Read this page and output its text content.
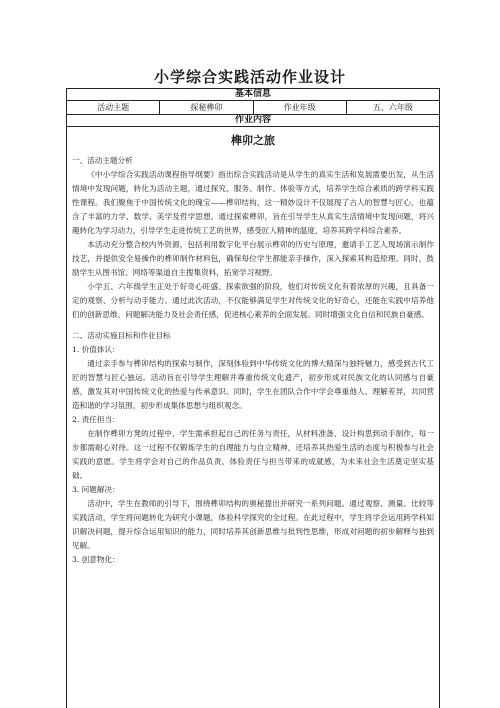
小学综合实践活动作业设计
基本信息
活动主题	探秘榫卯	作业年级	五、六年级
作业内容
榫卯之旅

一、活动主题分析

《中小学综合实践活动课程指导纲要》指出综合实践活动是从学生的真实生活和发展需要出发，从生活情境中发现问题，转化为活动主题，通过探究、服务、制作、体验等方式，培养学生综合素质的跨学科实践性课程。我们聚焦于中国传统文化的瑰宝——榫卯结构，这一精妙设计不仅展现了古人的智慧与匠心，也蕴含了丰富的力学、数学、美学及哲学思想。通过探索榫卯，旨在引导学生从真实生活情境中发现问题，将兴趣转化为学习动力，引导学生走进传统工艺的世界，感受匠人精神的温度，培养其跨学科综合素养。

本活动充分整合校内外资源，包括利用数字化平台展示榫卯的历史与原理，邀请手工艺人现场演示制作技艺，并提供安全易操作的榫卯制作材料包，确保每位学生都能亲手操作，深入探索其构造原理。同时，鼓励学生从图书馆、网络等渠道自主搜集资料，拓宽学习视野。

小学五、六年级学生正处于好奇心旺盛、探索欲强的阶段，他们对传统文化有着浓厚的兴趣，且具备一定的观察、分析与动手能力。通过此次活动，不仅能够满足学生对传统文化的好奇心，还能在实践中培养他们的创新思维、问题解决能力及社会责任感，促进核心素养的全面发展。同时增强文化自信和民族自豪感。

二、活动实施目标和作业目标

1. 价值体认：

通过亲手参与榫卯结构的探索与制作，深刻体验到中华传统文化的博大精深与独特魅力，感受到古代工匠的智慧与匠心独运。活动旨在引导学生理解并尊重传统文化遗产，初步形成对民族文化的认同感与自豪感，激发其对中国传统文化的热爱与传承意识。同时，学生在团队合作中学会尊重他人、理解差异，共同营造和谐的学习氛围，初步形成集体思想与组织观念。

2. 责任担当：

在制作榫卯方凳的过程中，学生需承担起自己的任务与责任，从材料准备、设计构思到动手制作，每一步都需耐心对待。这一过程不仅锻炼学生的自理能力与自立精神，还培养其热爱生活的态度与积极参与社会实践的意愿。学生将学会对自己的作品负责，体验责任与担当带来的成就感，为未来社会生活奠定坚实基础。

3. 问题解决：

活动中，学生在教师的引导下，围绕榫卯结构的奥秘提出并研究一系列问题。通过观察、测量、比较等实践活动，学生将问题转化为研究小课题，体验科学探究的全过程。在此过程中，学生将学会运用跨学科知识解决问题，提升综合运用知识的能力，同时培养其创新思维与批判性思维，形成对问题的初步解释与独到见解。

3. 创意物化：
